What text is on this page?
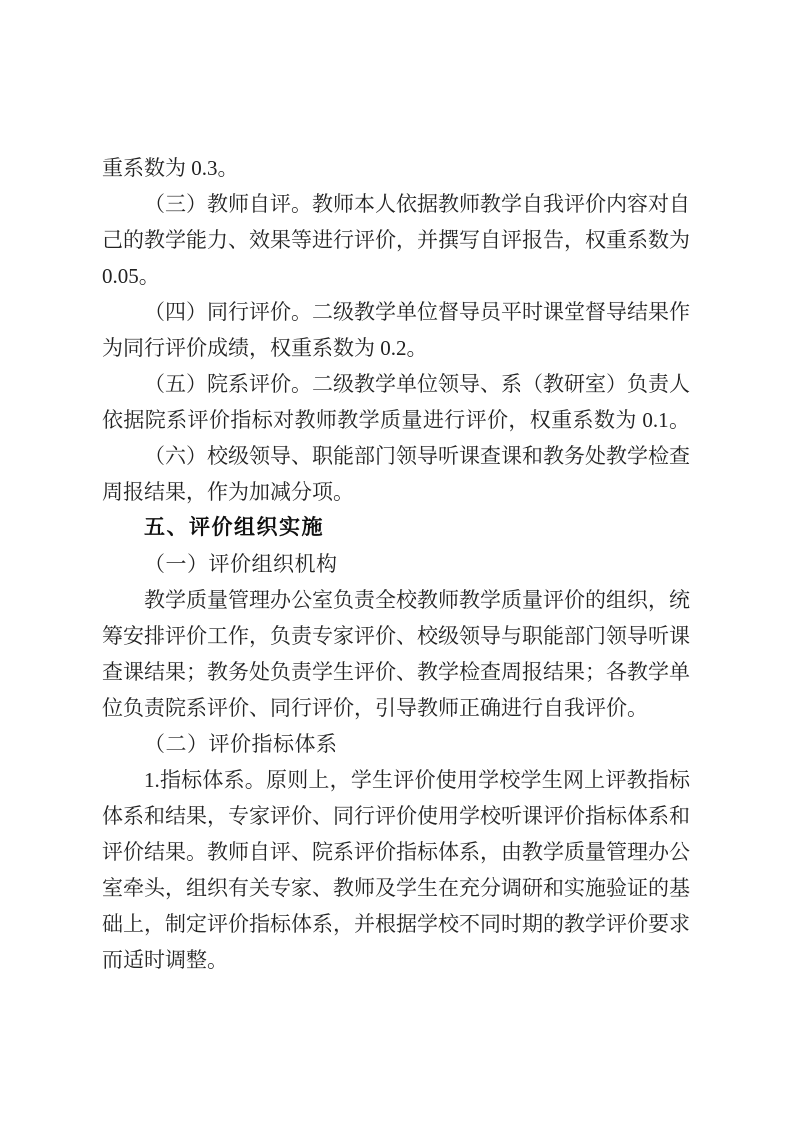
重系数为 0.3。
（三）教师自评。教师本人依据教师教学自我评价内容对自
己的教学能力、效果等进行评价，并撰写自评报告，权重系数为
0.05。
（四）同行评价。二级教学单位督导员平时课堂督导结果作
为同行评价成绩，权重系数为 0.2。
（五）院系评价。二级教学单位领导、系（教研室）负责人
依据院系评价指标对教师教学质量进行评价，权重系数为 0.1。
（六）校级领导、职能部门领导听课查课和教务处教学检查
周报结果，作为加减分项。
五、评价组织实施
（一）评价组织机构
教学质量管理办公室负责全校教师教学质量评价的组织，统
筹安排评价工作，负责专家评价、校级领导与职能部门领导听课
查课结果；教务处负责学生评价、教学检查周报结果；各教学单
位负责院系评价、同行评价，引导教师正确进行自我评价。
（二）评价指标体系
1.指标体系。原则上，学生评价使用学校学生网上评教指标
体系和结果，专家评价、同行评价使用学校听课评价指标体系和
评价结果。教师自评、院系评价指标体系，由教学质量管理办公
室牵头，组织有关专家、教师及学生在充分调研和实施验证的基
础上，制定评价指标体系，并根据学校不同时期的教学评价要求
而适时调整。
